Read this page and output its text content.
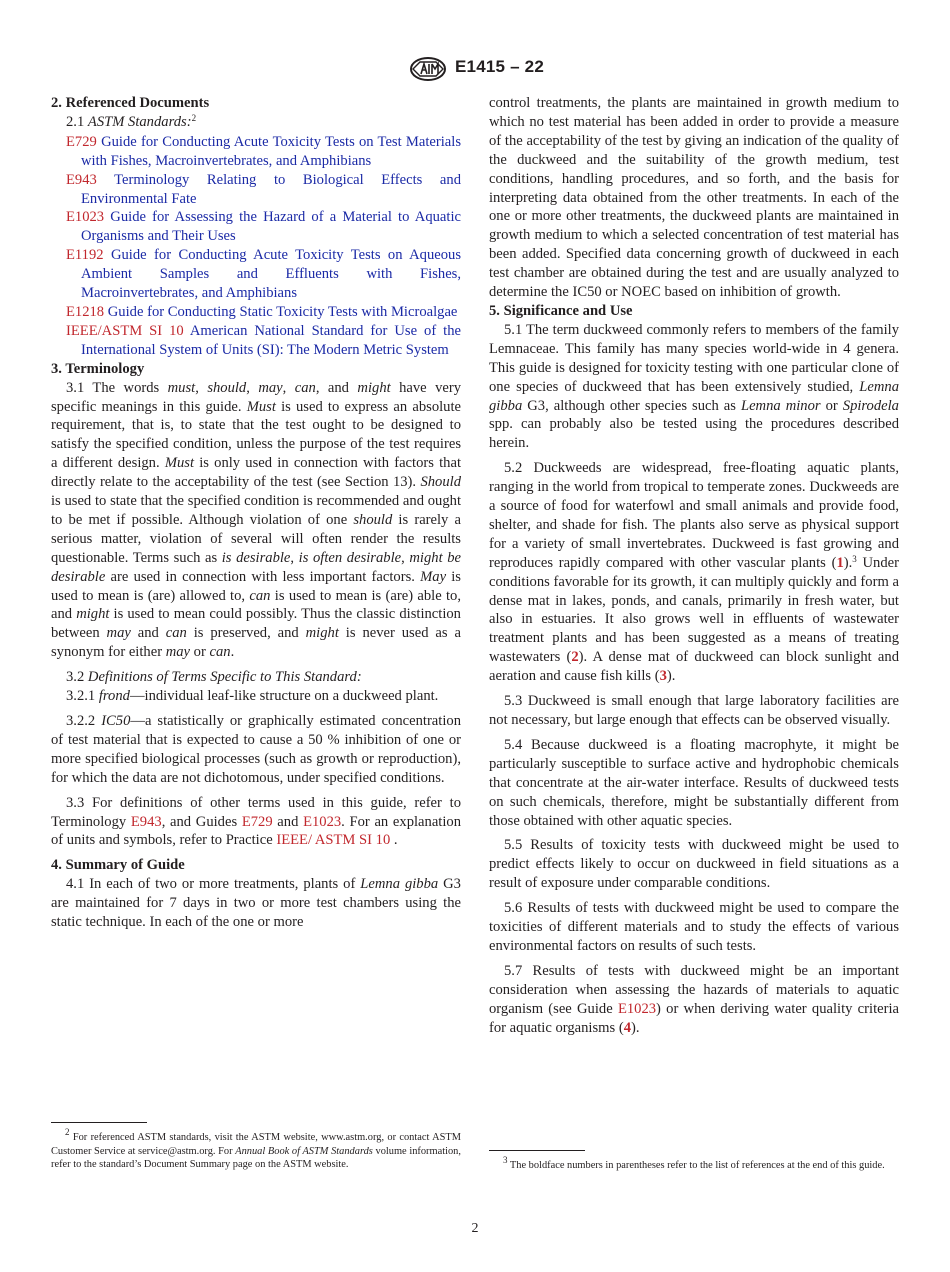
E1415 – 22

2. Referenced Documents

2.1 ASTM Standards:$^2$

E729 Guide for Conducting Acute Toxicity Tests on Test Materials with Fishes, Macroinvertebrates, and Amphibians

E943 Terminology Relating to Biological Effects and Environmental Fate

E1023 Guide for Assessing the Hazard of a Material to Aquatic Organisms and Their Uses

E1192 Guide for Conducting Acute Toxicity Tests on Aqueous Ambient Samples and Effluents with Fishes, Macroinvertebrates, and Amphibians

E1218 Guide for Conducting Static Toxicity Tests with Microalgae

IEEE/ASTM SI 10 American National Standard for Use of the International System of Units (SI): The Modern Metric System

3. Terminology

3.1 The words must, should, may, can, and might have very specific meanings in this guide. Must is used to express an absolute requirement, that is, to state that the test ought to be designed to satisfy the specified condition, unless the purpose of the test requires a different design. Must is only used in connection with factors that directly relate to the acceptability of the test (see Section 13). Should is used to state that the specified condition is recommended and ought to be met if possible. Although violation of one should is rarely a serious matter, violation of several will often render the results questionable. Terms such as is desirable, is often desirable, might be desirable are used in connection with less important factors. May is used to mean is (are) allowed to, can is used to mean is (are) able to, and might is used to mean could possibly. Thus the classic distinction between may and can is preserved, and might is never used as a synonym for either may or can.

3.2 Definitions of Terms Specific to This Standard:

3.2.1 frond—individual leaf-like structure on a duckweed plant.

3.2.2 IC50—a statistically or graphically estimated concentration of test material that is expected to cause a 50 % inhibition of one or more specified biological processes (such as growth or reproduction), for which the data are not dichotomous, under specified conditions.

3.3 For definitions of other terms used in this guide, refer to Terminology E943, and Guides E729 and E1023. For an explanation of units and symbols, refer to Practice IEEE/ ASTM SI 10 .

4. Summary of Guide

4.1 In each of two or more treatments, plants of Lemna gibba G3 are maintained for 7 days in two or more test chambers using the static technique. In each of the one or more

2 For referenced ASTM standards, visit the ASTM website, www.astm.org, or contact ASTM Customer Service at service@astm.org. For Annual Book of ASTM Standards volume information, refer to the standard’s Document Summary page on the ASTM website.

control treatments, the plants are maintained in growth medium to which no test material has been added in order to provide a measure of the acceptability of the test by giving an indication of the quality of the duckweed and the suitability of the growth medium, test conditions, handling procedures, and so forth, and the basis for interpreting data obtained from the other treatments. In each of the one or more other treatments, the duckweed plants are maintained in growth medium to which a selected concentration of test material has been added. Specified data concerning growth of duckweed in each test chamber are obtained during the test and are usually analyzed to determine the IC50 or NOEC based on inhibition of growth.

5. Significance and Use

5.1 The term duckweed commonly refers to members of the family Lemnaceae. This family has many species world-wide in 4 genera. This guide is designed for toxicity testing with one particular clone of one species of duckweed that has been extensively studied, Lemna gibba G3, although other species such as Lemna minor or Spirodela spp. can probably also be tested using the procedures described herein.

5.2 Duckweeds are widespread, free-floating aquatic plants, ranging in the world from tropical to temperate zones. Duckweeds are a source of food for waterfowl and small animals and provide food, shelter, and shade for fish. The plants also serve as physical support for a variety of small invertebrates. Duckweed is fast growing and reproduces rapidly compared with other vascular plants (1).$^3$ Under conditions favorable for its growth, it can multiply quickly and form a dense mat in lakes, ponds, and canals, primarily in fresh water, but also in estuaries. It also grows well in effluents of wastewater treatment plants and has been suggested as a means of treating wastewaters (2). A dense mat of duckweed can block sunlight and aeration and cause fish kills (3).

5.3 Duckweed is small enough that large laboratory facilities are not necessary, but large enough that effects can be observed visually.

5.4 Because duckweed is a floating macrophyte, it might be particularly susceptible to surface active and hydrophobic chemicals that concentrate at the air-water interface. Results of duckweed tests on such chemicals, therefore, might be substantially different from those obtained with other aquatic species.

5.5 Results of toxicity tests with duckweed might be used to predict effects likely to occur on duckweed in field situations as a result of exposure under comparable conditions.

5.6 Results of tests with duckweed might be used to compare the toxicities of different materials and to study the effects of various environmental factors on results of such tests.

5.7 Results of tests with duckweed might be an important consideration when assessing the hazards of materials to aquatic organism (see Guide E1023) or when deriving water quality criteria for aquatic organisms (4).

3 The boldface numbers in parentheses refer to the list of references at the end of this guide.

2
